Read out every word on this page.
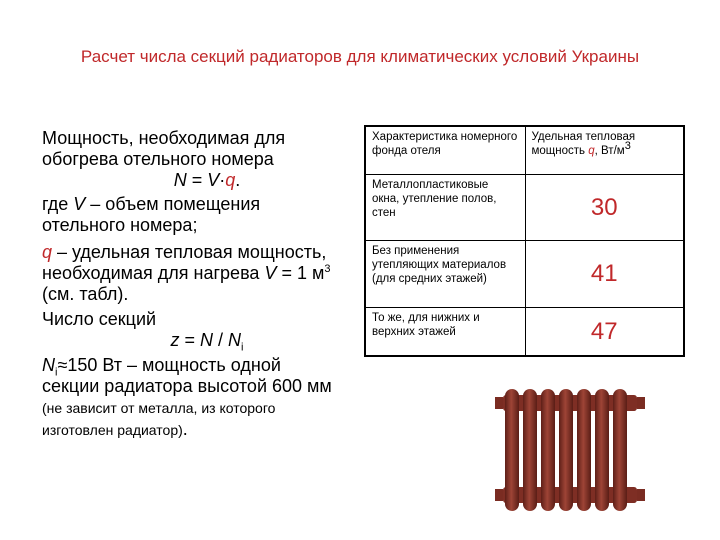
Расчет числа секций радиаторов для климатических условий Украины

Мощность, необходимая для обогрева отельного номера

N = V·q.

где V – объем помещения отельного номера;

q – удельная тепловая мощность, необходимая для нагрева V = 1 $м^3$ (см. табл).

Число секций

$z = N / N_i$

$N_i\approx 150$ Вт – мощность одной секции радиатора высотой 600 мм (не зависит от металла, из которого изготовлен радиатор).

Характеристика номерного фонда отеля	Удельная тепловая мощность q, $Вт/м^3$
Металлопластиковые окна, утепление полов, стен	30
Без применения утепляющих материалов (для средних этажей)	41
То же, для нижних и верхних этажей	47
